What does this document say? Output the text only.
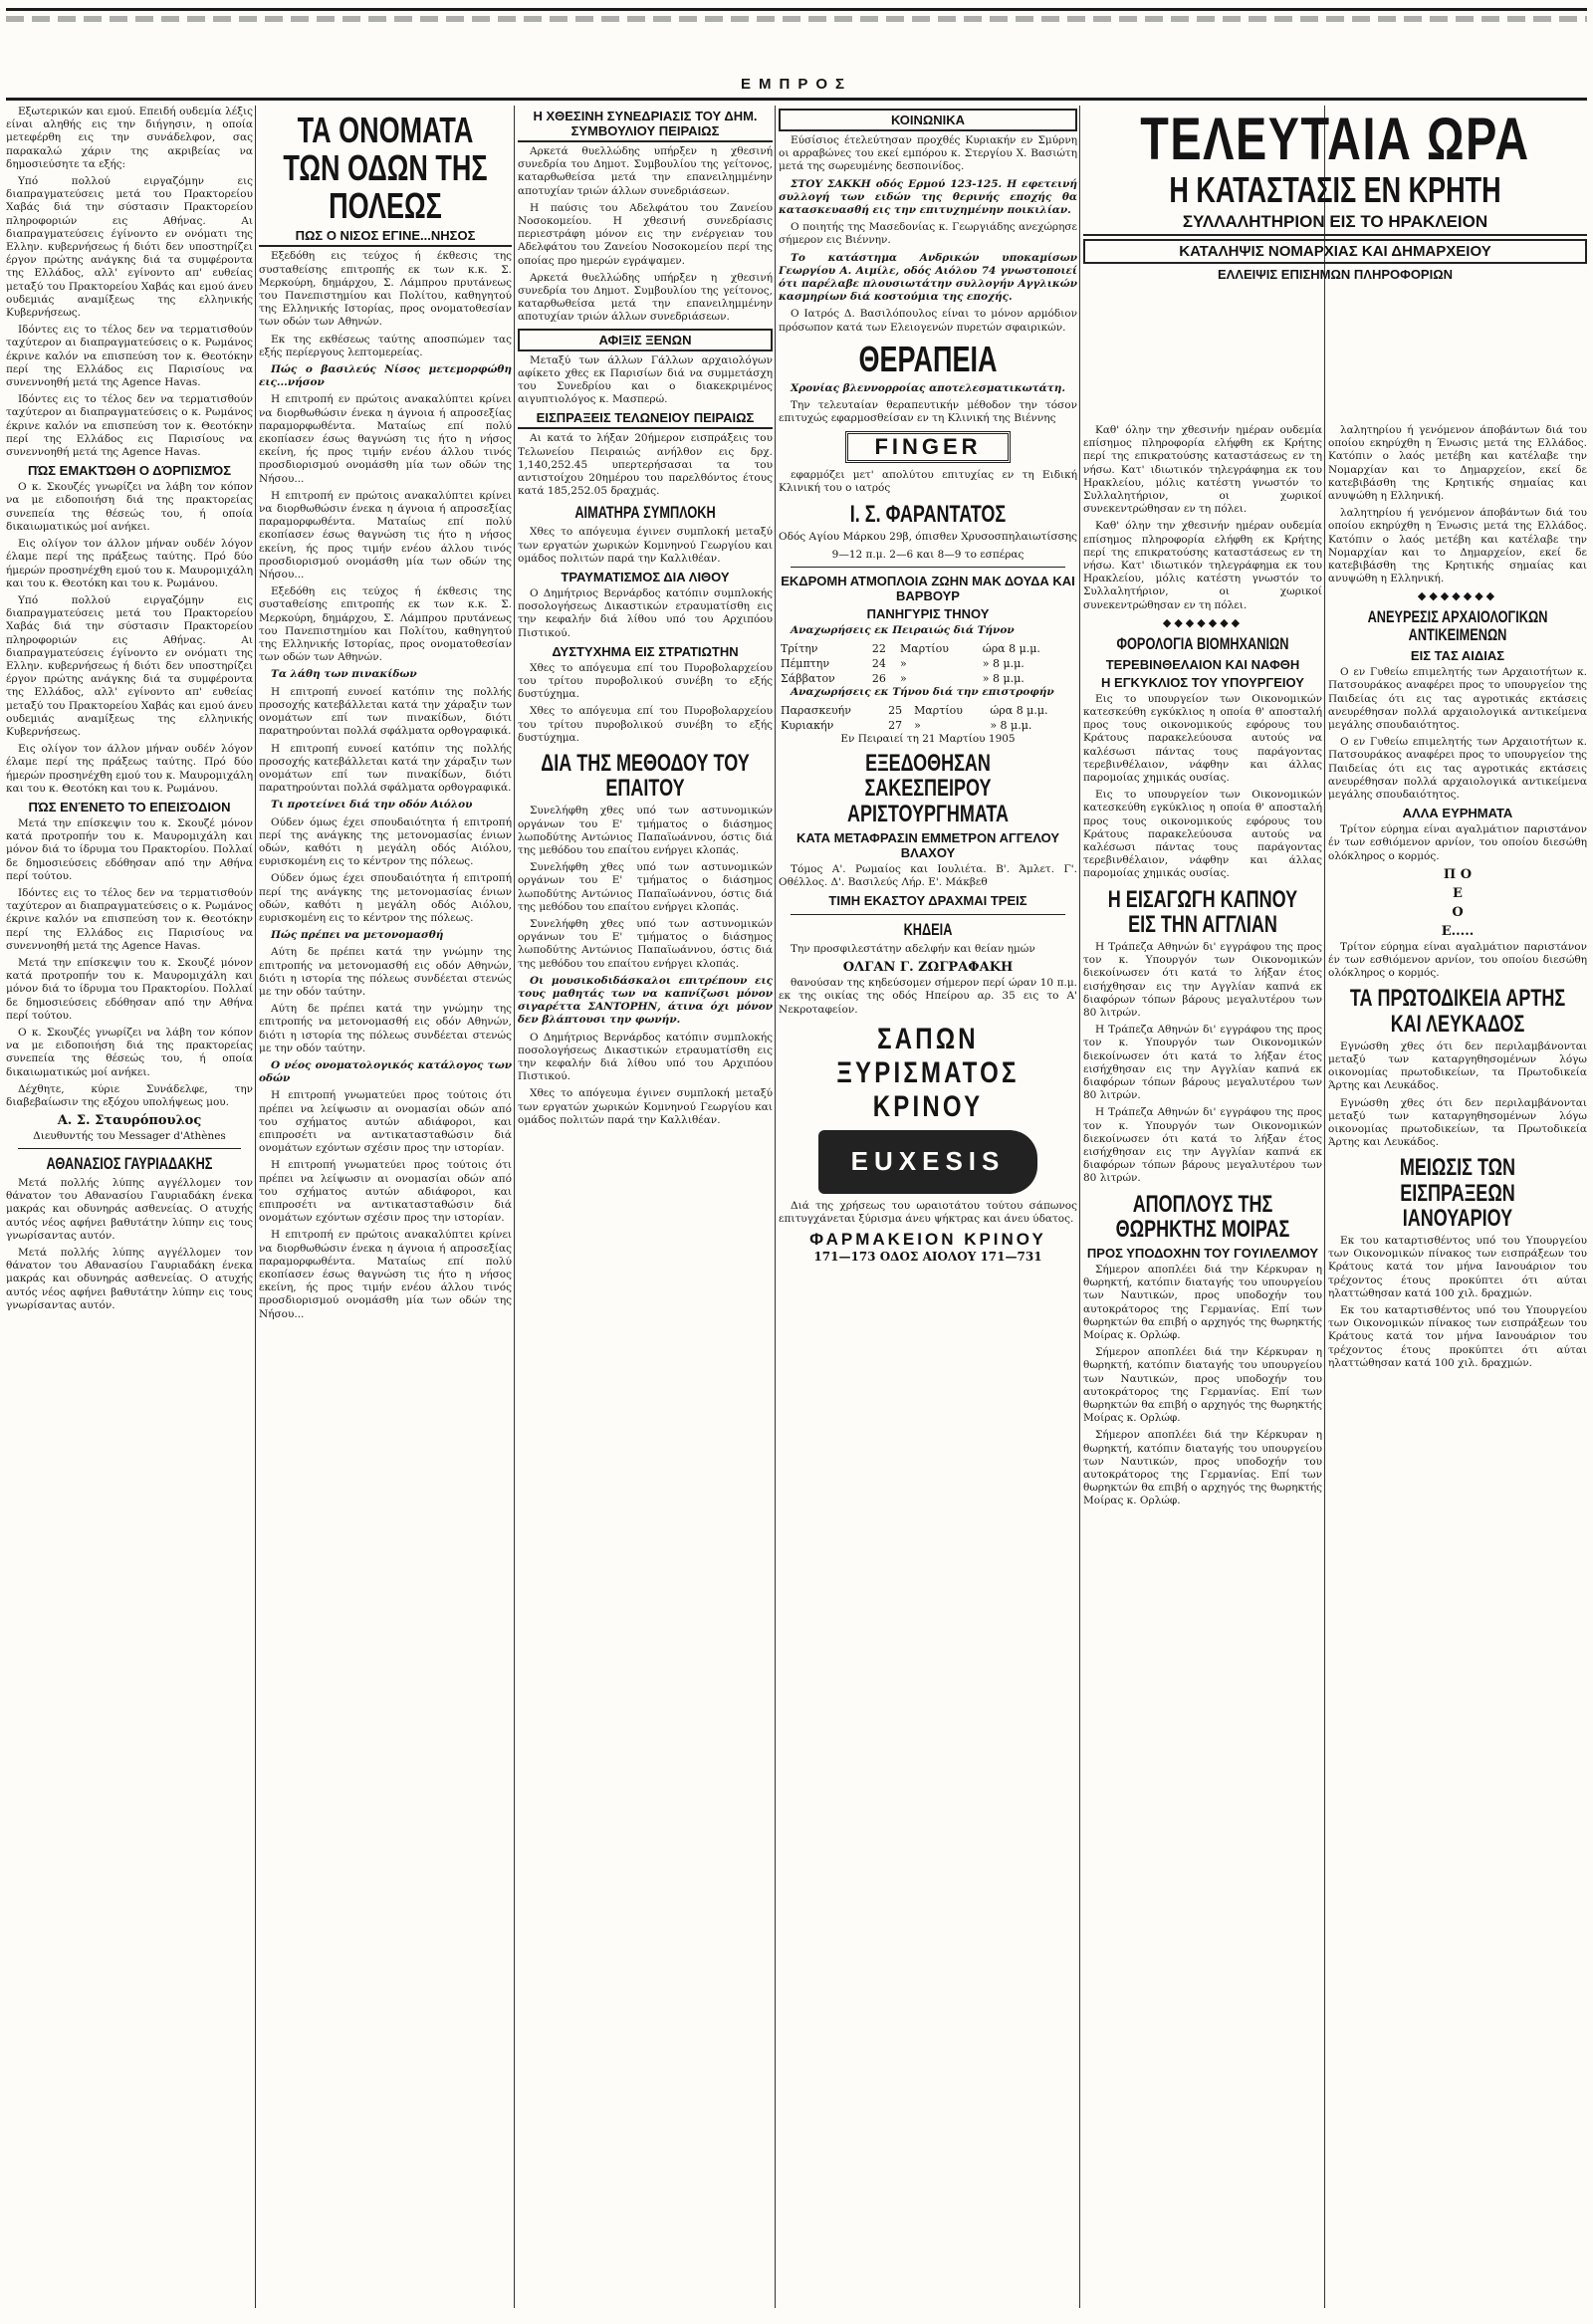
ΕΜΠΡΟΣ

Εξωτερικών και εμού. Επειδή ουδεμία λέξις είναι αληθής εις την διήγησιν, η οποία μετεφέρθη εις την συνάδελφον, σας παρακαλώ χάριν της ακριβείας να δημοσιεύσητε τα εξής:

Υπό πολλού ειργαζόμην εις διαπραγματεύσεις μετά του Πρακτορείου Χαβάς διά την σύστασιν Πρακτορείου πληροφοριών εις Αθήνας. Αι διαπραγματεύσεις έγίνοντο εν ονόματι της Ελλην. κυβερνήσεως ή διότι δεν υποστηρίζει έργον πρώτης ανάγκης διά τα συμφέροντα της Ελλάδος, αλλ' εγίνοντο απ' ευθείας μεταξύ του Πρακτορείου Χαβάς και εμού άνευ ουδεμιάς αναμίξεως της ελληνικής Κυβερνήσεως.

Ιδόντες εις το τέλος δεν να τερματισθούν ταχύτερον αι διαπραγματεύσεις ο κ. Ρωμάνος έκρινε καλόν να επισπεύση τον κ. Θεοτόκην περί της Ελλάδος εις Παρισίους να συνεννοηθή μετά της Agence Havas.

Ιδόντες εις το τέλος δεν να τερματισθούν ταχύτερον αι διαπραγματεύσεις ο κ. Ρωμάνος έκρινε καλόν να επισπεύση τον κ. Θεοτόκην περί της Ελλάδος εις Παρισίους να συνεννοηθή μετά της Agence Havas.

ΠΏΣ ΕΜΑΚΤΏΘΗ Ο ΔΌΡΠΙΣΜΌΣ

Ο κ. Σκουζές γνωρίζει να λάβη τον κόπον να με ειδοποιήση διά της πρακτορείας συνεπεία της θέσεώς του, ή οποία δικαιωματικώς μοί ανήκει.

Εις ολίγον τον άλλον μήναν ουδέν λόγον έλαμε περί της πράξεως ταύτης. Πρό δύο ήμερών προσηνέχθη εμού του κ. Μαυρομιχάλη και του κ. Θεοτόκη και του κ. Ρωμάνου.

Υπό πολλού ειργαζόμην εις διαπραγματεύσεις μετά του Πρακτορείου Χαβάς διά την σύστασιν Πρακτορείου πληροφοριών εις Αθήνας. Αι διαπραγματεύσεις έγίνοντο εν ονόματι της Ελλην. κυβερνήσεως ή διότι δεν υποστηρίζει έργον πρώτης ανάγκης διά τα συμφέροντα της Ελλάδος, αλλ' εγίνοντο απ' ευθείας μεταξύ του Πρακτορείου Χαβάς και εμού άνευ ουδεμιάς αναμίξεως της ελληνικής Κυβερνήσεως.

Εις ολίγον τον άλλον μήναν ουδέν λόγον έλαμε περί της πράξεως ταύτης. Πρό δύο ήμερών προσηνέχθη εμού του κ. Μαυρομιχάλη και του κ. Θεοτόκη και του κ. Ρωμάνου.

ΠΏΣ ΕΝΈΝΕΤΟ ΤΟ ΕΠΕΙΣΌΔΙΟΝ

Μετά την επίσκεψιν του κ. Σκουζέ μόνον κατά προτροπήν του κ. Μαυρομιχάλη και μόνον διά το ίδρυμα του Πρακτορίου. Πολλαί δε δημοσιεύσεις εδόθησαν από την Αθήνα περί τούτου.

Ιδόντες εις το τέλος δεν να τερματισθούν ταχύτερον αι διαπραγματεύσεις ο κ. Ρωμάνος έκρινε καλόν να επισπεύση τον κ. Θεοτόκην περί της Ελλάδος εις Παρισίους να συνεννοηθή μετά της Agence Havas.

Μετά την επίσκεψιν του κ. Σκουζέ μόνον κατά προτροπήν του κ. Μαυρομιχάλη και μόνον διά το ίδρυμα του Πρακτορίου. Πολλαί δε δημοσιεύσεις εδόθησαν από την Αθήνα περί τούτου.

Ο κ. Σκουζές γνωρίζει να λάβη τον κόπον να με ειδοποιήση διά της πρακτορείας συνεπεία της θέσεώς του, ή οποία δικαιωματικώς μοί ανήκει.

Δέχθητε, κύριε Συνάδελφε, την διαβεβαίωσιν της εξόχου υπολήψεως μου.

Α. Σ. Σταυρόπουλος
Διευθυντής του Messager d'Athènes
ΑΘΑΝΑΣΙΟΣ ΓΑΥΡΙΑΔΑΚΗΣ

Μετά πολλής λύπης αγγέλλομεν τον θάνατον του Αθανασίου Γαυριαδάκη ένεκα μακράς και οδυνηράς ασθενείας. Ο ατυχής αυτός νέος αφήνει βαθυτάτην λύπην εις τους γνωρίσαντας αυτόν.

Μετά πολλής λύπης αγγέλλομεν τον θάνατον του Αθανασίου Γαυριαδάκη ένεκα μακράς και οδυνηράς ασθενείας. Ο ατυχής αυτός νέος αφήνει βαθυτάτην λύπην εις τους γνωρίσαντας αυτόν.

ΤΑ ΟΝΟΜΑΤΑ ΤΩΝ ΟΔΩΝ ΤΗΣ ΠΟΛΕΩΣ
ΠΩΣ Ο ΝΙΣΟΣ ΕΓΙΝΕ...ΝΗΣΟΣ

Εξεδόθη εις τεύχος ή έκθεσις της συσταθείσης επιτροπής εκ των κ.κ. Σ. Μερκούρη, δημάρχου, Σ. Λάμπρου πρυτάνεως του Πανεπιστημίου και Πολίτου, καθηγητού της Ελληνικής Ιστορίας, προς ονοματοθεσίαν των οδών των Αθηνών.

Εκ της εκθέσεως ταύτης αποσπώμεν τας εξής περίεργους λεπτομερείας.

Πώς ο βασιλεύς Νίσος μετεμορφώθη εις...νήσον

Η επιτροπή εν πρώτοις ανακαλύπτει κρίνει να διορθωθώσιν ένεκα η άγνοια ή απροσεξίας παραμορφωθέντα. Ματαίως επί πολύ εκοπίασεν έσως θαγνώση τις ήτο η νήσος εκείνη, ής προς τιμήν ενέου άλλου τινός προσδιορισμού ονομάσθη μία των οδών της Νήσου...

Η επιτροπή εν πρώτοις ανακαλύπτει κρίνει να διορθωθώσιν ένεκα η άγνοια ή απροσεξίας παραμορφωθέντα. Ματαίως επί πολύ εκοπίασεν έσως θαγνώση τις ήτο η νήσος εκείνη, ής προς τιμήν ενέου άλλου τινός προσδιορισμού ονομάσθη μία των οδών της Νήσου...

Εξεδόθη εις τεύχος ή έκθεσις της συσταθείσης επιτροπής εκ των κ.κ. Σ. Μερκούρη, δημάρχου, Σ. Λάμπρου πρυτάνεως του Πανεπιστημίου και Πολίτου, καθηγητού της Ελληνικής Ιστορίας, προς ονοματοθεσίαν των οδών των Αθηνών.

Τα λάθη των πινακίδων

Η επιτροπή ευνοεί κατόπιν της πολλής προσοχής κατεβάλλεται κατά την χάραξιν των ονομάτων επί των πινακίδων, διότι παρατηρούνται πολλά σφάλματα ορθογραφικά.

Η επιτροπή ευνοεί κατόπιν της πολλής προσοχής κατεβάλλεται κατά την χάραξιν των ονομάτων επί των πινακίδων, διότι παρατηρούνται πολλά σφάλματα ορθογραφικά.

Τι προτείνει διά την οδόν Αιόλου

Ούδεν όμως έχει σπουδαιότητα ή επιτροπή περί της ανάγκης της μετονομασίας ένιων οδών, καθότι η μεγάλη οδός Αιόλου, ευρισκομένη εις το κέντρον της πόλεως.

Ούδεν όμως έχει σπουδαιότητα ή επιτροπή περί της ανάγκης της μετονομασίας ένιων οδών, καθότι η μεγάλη οδός Αιόλου, ευρισκομένη εις το κέντρον της πόλεως.

Πώς πρέπει να μετονομασθή

Αύτη δε πρέπει κατά την γνώμην της επιτροπής να μετονομασθή εις οδόν Αθηνών, διότι η ιστορία της πόλεως συνδέεται στενώς με την οδόν ταύτην.

Αύτη δε πρέπει κατά την γνώμην της επιτροπής να μετονομασθή εις οδόν Αθηνών, διότι η ιστορία της πόλεως συνδέεται στενώς με την οδόν ταύτην.

Ο νέος ονοματολογικός κατάλογος των οδών

Η επιτροπή γνωματεύει προς τούτοις ότι πρέπει να λείψωσιν αι ονομασίαι οδών από του σχήματος αυτών αδιάφοροι, και επιπροσέτι να αντικατασταθώσιν διά ονομάτων εχόντων σχέσιν προς την ιστορίαν.

Η επιτροπή γνωματεύει προς τούτοις ότι πρέπει να λείψωσιν αι ονομασίαι οδών από του σχήματος αυτών αδιάφοροι, και επιπροσέτι να αντικατασταθώσιν διά ονομάτων εχόντων σχέσιν προς την ιστορίαν.

Η επιτροπή εν πρώτοις ανακαλύπτει κρίνει να διορθωθώσιν ένεκα η άγνοια ή απροσεξίας παραμορφωθέντα. Ματαίως επί πολύ εκοπίασεν έσως θαγνώση τις ήτο η νήσος εκείνη, ής προς τιμήν ενέου άλλου τινός προσδιορισμού ονομάσθη μία των οδών της Νήσου...

Η ΧΘΕΣΙΝΗ ΣΥΝΕΔΡΙΑΣΙΣ ΤΟΥ ΔΗΜ. ΣΥΜΒΟΥΛΙΟΥ ΠΕΙΡΑΙΩΣ

Αρκετά θυελλώδης υπήρξεν η χθεσινή συνεδρία του Δημοτ. Συμβουλίου της γείτονος, καταρθωθείσα μετά την επανειλημμένην αποτυχίαν τριών άλλων συνεδριάσεων.

Η παύσις του Αδελφάτου του Ζανείου Νοσοκομείου. Η χθεσινή συνεδρίασις περιεστράφη μόνον εις την ενέργειαν του Αδελφάτου του Ζανείου Νοσοκομείου περί της οποίας προ ημερών εγράψαμεν.

Αρκετά θυελλώδης υπήρξεν η χθεσινή συνεδρία του Δημοτ. Συμβουλίου της γείτονος, καταρθωθείσα μετά την επανειλημμένην αποτυχίαν τριών άλλων συνεδριάσεων.

ΑΦΙΞΙΣ ΞΕΝΩΝ

Μεταξύ των άλλων Γάλλων αρχαιολόγων αφίκετο χθες εκ Παρισίων διά να συμμετάσχη του Συνεδρίου και ο διακεκριμένος αιγυπτιολόγος κ. Μασπερώ.

ΕΙΣΠΡΑΞΕΙΣ ΤΕΛΩΝΕΙΟΥ ΠΕΙΡΑΙΩΣ

Αι κατά το λήξαν 20ήμερον εισπράξεις του Τελωνείου Πειραιώς ανήλθον εις δρχ. 1,140,252.45 υπερτερήσασαι τα του αντιστοίχου 20ημέρου του παρελθόντος έτους κατά 185,252.05 δραχμάς.

ΑΙΜΑΤΗΡΑ ΣΥΜΠΛΟΚΗ

Χθες το απόγευμα έγινεν συμπλοκή μεταξύ των εργατών χωρικών Κομνηνού Γεωργίου και ομάδος πολιτών παρά την Καλλιθέαν.

ΤΡΑΥΜΑΤΙΣΜΟΣ ΔΙΑ ΛΙΘΟΥ

Ο Δημήτριος Βερνάρδος κατόπιν συμπλοκής ποσολογήσεως Δικαστικών ετραυματίσθη εις την κεφαλήν διά λίθου υπό του Αρχιπόου Πιστικού.

ΔΥΣΤΥΧΗΜΑ ΕΙΣ ΣΤΡΑΤΙΩΤΗΝ

Χθες το απόγευμα επί του Πυροβολαρχείου του τρίτου πυροβολικού συνέβη το εξής δυστύχημα.

Χθες το απόγευμα επί του Πυροβολαρχείου του τρίτου πυροβολικού συνέβη το εξής δυστύχημα.

ΔΙΑ ΤΗΣ ΜΕΘΟΔΟΥ ΤΟΥ ΕΠΑΙΤΟΥ

Συνελήφθη χθες υπό των αστυνομικών οργάνων του Ε' τμήματος ο διάσημος λωποδύτης Αντώνιος Παπαϊωάννου, όστις διά της μεθόδου του επαίτου ενήργει κλοπάς.

Συνελήφθη χθες υπό των αστυνομικών οργάνων του Ε' τμήματος ο διάσημος λωποδύτης Αντώνιος Παπαϊωάννου, όστις διά της μεθόδου του επαίτου ενήργει κλοπάς.

Συνελήφθη χθες υπό των αστυνομικών οργάνων του Ε' τμήματος ο διάσημος λωποδύτης Αντώνιος Παπαϊωάννου, όστις διά της μεθόδου του επαίτου ενήργει κλοπάς.

Οι μουσικοδιδάσκαλοι επιτρέπουν εις τους μαθητάς των να καπνίζωσι μόνον σιγαρέττα ΣΑΝΤΟΡΗΝ, άτινα όχι μόνον δεν βλάπτουσι την φωνήν.

Ο Δημήτριος Βερνάρδος κατόπιν συμπλοκής ποσολογήσεως Δικαστικών ετραυματίσθη εις την κεφαλήν διά λίθου υπό του Αρχιπόου Πιστικού.

Χθες το απόγευμα έγινεν συμπλοκή μεταξύ των εργατών χωρικών Κομνηνού Γεωργίου και ομάδος πολιτών παρά την Καλλιθέαν.

ΚΟΙΝΩΝΙΚΑ

Εύσίσιος έτελεύτησαν προχθές Κυριακήν εν Σμύρνη οι αρραβώνες του εκεί εμπόρου κ. Στεργίου Χ. Βασιώτη μετά της σωρευμένης δεσποινίδος.

ΣΤΟΥ ΣΑΚΚΗ οδός Ερμού 123-125. Η εφετεινή συλλογή των ειδών της θερινής εποχής θα κατασκευασθή εις την επιτυχημένην ποικιλίαν.

Ο ποιητής της Μασεδονίας κ. Γεωργιάδης ανεχώρησε σήμερον εις Βιέννην.

Το κατάστημα Ανδρικών υποκαμίσων Γεωργίου Α. Αιμίλε, οδός Αιόλου 74 γνωστοποιεί ότι παρέλαβε πλουσιωτάτην συλλογήν Αγγλικών κασμηρίων διά κοστούμια της εποχής.

Ο Ιατρός Δ. Βασιλόπουλος είναι το μόνον αρμόδιον πρόσωπον κατά των Ελειογενών πυρετών σφαιρικών.

ΘΕΡΑΠΕΙΑ

Χρονίας βλεννορροίας αποτελεσματικωτάτη.

Την τελευταίαν θεραπευτικήν μέθοδον την τόσον επιτυχώς εφαρμοσθείσαν εν τη Κλινική της Βιέννης

FINGER

εφαρμόζει μετ' απολύτου επιτυχίας εν τη Ειδική Κλινική του ο ιατρός

Ι. Σ. ΦΑΡΑΝΤΑΤΟΣ
Οδός Αγίου Μάρκου 29β, όπισθεν Χρυσοσπηλαιωτίσσης
9—12 π.μ. 2—6 και 8—9 το εσπέρας
ΕΚΔΡΟΜΗ ΑΤΜΟΠΛΟΙΑ ΖΩΗΝ ΜΑΚ ΔΟΥΔΑ ΚΑΙ ΒΑΡΒΟΥΡ
ΠΑΝΗΓΥΡΙΣ ΤΗΝΟΥ

Αναχωρήσεις εκ Πειραιώς διά Τήνον

Τρίτην	22	Μαρτίου	ώρα 8 μ.μ.
Πέμπτην	24	»	» 8 μ.μ.
Σάββατον	26	»	» 8 μ.μ.

Αναχωρήσεις εκ Τήνου διά την επιστροφήν

Παρασκευήν	25	Μαρτίου	ώρα 8 μ.μ.
Κυριακήν	27	»	» 8 μ.μ.
Εν Πειραιεί τη 21 Μαρτίου 1905
ΕΞΕΔΟΘΗΣΑΝ ΣΑΚΕΣΠΕΙΡΟΥ ΑΡΙΣΤΟΥΡΓΗΜΑΤΑ
ΚΑΤΑ ΜΕΤΑΦΡΑΣΙΝ ΕΜΜΕΤΡΟΝ ΑΓΓΕΛΟΥ ΒΛΑΧΟΥ

Τόμος Α'. Ρωμαίος και Ιουλιέτα. Β'. Άμλετ. Γ'. Οθέλλος. Δ'. Βασιλεύς Λήρ. Ε'. Μάκβεθ

ΤΙΜΗ ΕΚΑΣΤΟΥ ΔΡΑΧΜΑΙ ΤΡΕΙΣ
ΚΗΔΕΙΑ

Την προσφιλεστάτην αδελφήν και θείαν ημών

ΟΛΓΑΝ Γ. ΖΩΓΡΑΦΑΚΗ

θανούσαν της κηδεύσομεν σήμερον περί ώραν 10 π.μ. εκ της οικίας της οδός Ηπείρου αρ. 35 εις το Α' Νεκροταφείον.

ΣΑΠΩΝ ΞΥΡΙΣΜΑΤΟΣ ΚΡΙΝΟΥ
EUXESIS

Διά της χρήσεως του ωραιοτάτου τούτου σάπωνος επιτυγχάνεται ξύρισμα άνευ ψήκτρας και άνευ ύδατος.

ΦΑΡΜΑΚΕΙΟΝ ΚΡΙΝΟΥ
171—173 ΟΔΟΣ ΑΙΟΛΟΥ 171—731

Καθ' όλην την χθεσινήν ημέραν ουδεμία επίσημος πληροφορία ελήφθη εκ Κρήτης περί της επικρατούσης καταστάσεως εν τη νήσω. Κατ' ιδιωτικόν τηλεγράφημα εκ του Ηρακλείου, μόλις κατέστη γνωστόν το Συλλαλητήριον, οι χωρικοί συνεκεντρώθησαν εν τη πόλει.

Καθ' όλην την χθεσινήν ημέραν ουδεμία επίσημος πληροφορία ελήφθη εκ Κρήτης περί της επικρατούσης καταστάσεως εν τη νήσω. Κατ' ιδιωτικόν τηλεγράφημα εκ του Ηρακλείου, μόλις κατέστη γνωστόν το Συλλαλητήριον, οι χωρικοί συνεκεντρώθησαν εν τη πόλει.

◆◆◆◆◆◆◆
ΦΟΡΟΛΟΓΙΑ ΒΙΟΜΗΧΑΝΙΩΝ
ΤΕΡΕΒΙΝΘΕΛΑΙΟΝ ΚΑΙ ΝΑΦΘΗ
Η ΕΓΚΥΚΛΙΟΣ ΤΟΥ ΥΠΟΥΡΓΕΙΟΥ

Εις το υπουργείον των Οικονομικών κατεσκεύθη εγκύκλιος η οποία θ' αποσταλή προς τους οικονομικούς εφόρους του Κράτους παρακελεύουσα αυτούς να καλέσωσι πάντας τους παράγοντας τερεβινθέλαιον, νάφθην και άλλας παρομοίας χημικάς ουσίας.

Εις το υπουργείον των Οικονομικών κατεσκεύθη εγκύκλιος η οποία θ' αποσταλή προς τους οικονομικούς εφόρους του Κράτους παρακελεύουσα αυτούς να καλέσωσι πάντας τους παράγοντας τερεβινθέλαιον, νάφθην και άλλας παρομοίας χημικάς ουσίας.

Η ΕΙΣΑΓΩΓΗ ΚΑΠΝΟΥ ΕΙΣ ΤΗΝ ΑΓΓΛΙΑΝ

Η Τράπεζα Αθηνών δι' εγγράφου της προς τον κ. Υπουργόν των Οικονομικών διεκοίνωσεν ότι κατά το λήξαν έτος εισήχθησαν εις την Αγγλίαν καπνά εκ διαφόρων τόπων βάρους μεγαλυτέρου των 80 λιτρών.

Η Τράπεζα Αθηνών δι' εγγράφου της προς τον κ. Υπουργόν των Οικονομικών διεκοίνωσεν ότι κατά το λήξαν έτος εισήχθησαν εις την Αγγλίαν καπνά εκ διαφόρων τόπων βάρους μεγαλυτέρου των 80 λιτρών.

Η Τράπεζα Αθηνών δι' εγγράφου της προς τον κ. Υπουργόν των Οικονομικών διεκοίνωσεν ότι κατά το λήξαν έτος εισήχθησαν εις την Αγγλίαν καπνά εκ διαφόρων τόπων βάρους μεγαλυτέρου των 80 λιτρών.

ΑΠΟΠΛΟΥΣ ΤΗΣ ΘΩΡΗΚΤΗΣ ΜΟΙΡΑΣ
ΠΡΟΣ ΥΠΟΔΟΧΗΝ ΤΟΥ ΓΟΥΙΛΕΛΜΟΥ

Σήμερον αποπλέει διά την Κέρκυραν η θωρηκτή, κατόπιν διαταγής του υπουργείου των Ναυτικών, προς υποδοχήν του αυτοκράτορος της Γερμανίας. Επί των θωρηκτών θα επιβή ο αρχηγός της θωρηκτής Μοίρας κ. Ορλώφ.

Σήμερον αποπλέει διά την Κέρκυραν η θωρηκτή, κατόπιν διαταγής του υπουργείου των Ναυτικών, προς υποδοχήν του αυτοκράτορος της Γερμανίας. Επί των θωρηκτών θα επιβή ο αρχηγός της θωρηκτής Μοίρας κ. Ορλώφ.

Σήμερον αποπλέει διά την Κέρκυραν η θωρηκτή, κατόπιν διαταγής του υπουργείου των Ναυτικών, προς υποδοχήν του αυτοκράτορος της Γερμανίας. Επί των θωρηκτών θα επιβή ο αρχηγός της θωρηκτής Μοίρας κ. Ορλώφ.

ΤΕΛΕΥΤΑΙΑ ΩΡΑ
Η ΚΑΤΑΣΤΑΣΙΣ ΕΝ ΚΡΗΤΗ
ΣΥΛΛΑΛΗΤΗΡΙΟΝ ΕΙΣ ΤΟ ΗΡΑΚΛΕΙΟΝ
ΚΑΤΑΛΗΨΙΣ ΝΟΜΑΡΧΙΑΣ ΚΑΙ ΔΗΜΑΡΧΕΙΟΥ
ΕΛΛΕΙΨΙΣ ΕΠΙΣΗΜΩΝ ΠΛΗΡΟΦΟΡΙΩΝ

λαλητηρίου ή γενόμενον άποβάντων διά του οποίου εκηρύχθη η Ένωσις μετά της Ελλάδος. Κατόπιν ο λαός μετέβη και κατέλαβε την Νομαρχίαν και το Δημαρχείον, εκεί δε κατεβιβάσθη της Κρητικής σημαίας και ανυψώθη η Ελληνική.

λαλητηρίου ή γενόμενον άποβάντων διά του οποίου εκηρύχθη η Ένωσις μετά της Ελλάδος. Κατόπιν ο λαός μετέβη και κατέλαβε την Νομαρχίαν και το Δημαρχείον, εκεί δε κατεβιβάσθη της Κρητικής σημαίας και ανυψώθη η Ελληνική.

◆◆◆◆◆◆◆
ΑΝΕΥΡΕΣΙΣ ΑΡΧΑΙΟΛΟΓΙΚΩΝ ΑΝΤΙΚΕΙΜΕΝΩΝ
ΕΙΣ ΤΑΣ ΑΙΔΙΑΣ

Ο εν Γυθείω επιμελητής των Αρχαιοτήτων κ. Πατσουράκος αναφέρει προς το υπουργείον της Παιδείας ότι εις τας αγροτικάς εκτάσεις ανευρέθησαν πολλά αρχαιολογικά αντικείμενα μεγάλης σπουδαιότητος.

Ο εν Γυθείω επιμελητής των Αρχαιοτήτων κ. Πατσουράκος αναφέρει προς το υπουργείον της Παιδείας ότι εις τας αγροτικάς εκτάσεις ανευρέθησαν πολλά αρχαιολογικά αντικείμενα μεγάλης σπουδαιότητος.

ΑΛΛΑ ΕΥΡΗΜΑΤΑ

Τρίτον εύρημα είναι αγαλμάτιον παριστάνον έν των εσθιόμενον αρνίον, του οποίου διεσώθη ολόκληρος ο κορμός.

Π Ο
Ε
Ο
Ε.....

Τρίτον εύρημα είναι αγαλμάτιον παριστάνον έν των εσθιόμενον αρνίον, του οποίου διεσώθη ολόκληρος ο κορμός.

ΤΑ ΠΡΩΤΟΔΙΚΕΙΑ ΑΡΤΗΣ ΚΑΙ ΛΕΥΚΑΔΟΣ

Εγνώσθη χθες ότι δεν περιλαμβάνονται μεταξύ των καταργηθησομένων λόγω οικονομίας πρωτοδικείων, τα Πρωτοδικεία Άρτης και Λευκάδος.

Εγνώσθη χθες ότι δεν περιλαμβάνονται μεταξύ των καταργηθησομένων λόγω οικονομίας πρωτοδικείων, τα Πρωτοδικεία Άρτης και Λευκάδος.

ΜΕΙΩΣΙΣ ΤΩΝ ΕΙΣΠΡΑΞΕΩΝ ΙΑΝΟΥΑΡΙΟΥ

Εκ του καταρτισθέντος υπό του Υπουργείου των Οικονομικών πίνακος των εισπράξεων του Κράτους κατά τον μήνα Ιανουάριον του τρέχοντος έτους προκύπτει ότι αύται ηλαττώθησαν κατά 100 χιλ. δραχμών.

Εκ του καταρτισθέντος υπό του Υπουργείου των Οικονομικών πίνακος των εισπράξεων του Κράτους κατά τον μήνα Ιανουάριον του τρέχοντος έτους προκύπτει ότι αύται ηλαττώθησαν κατά 100 χιλ. δραχμών.
